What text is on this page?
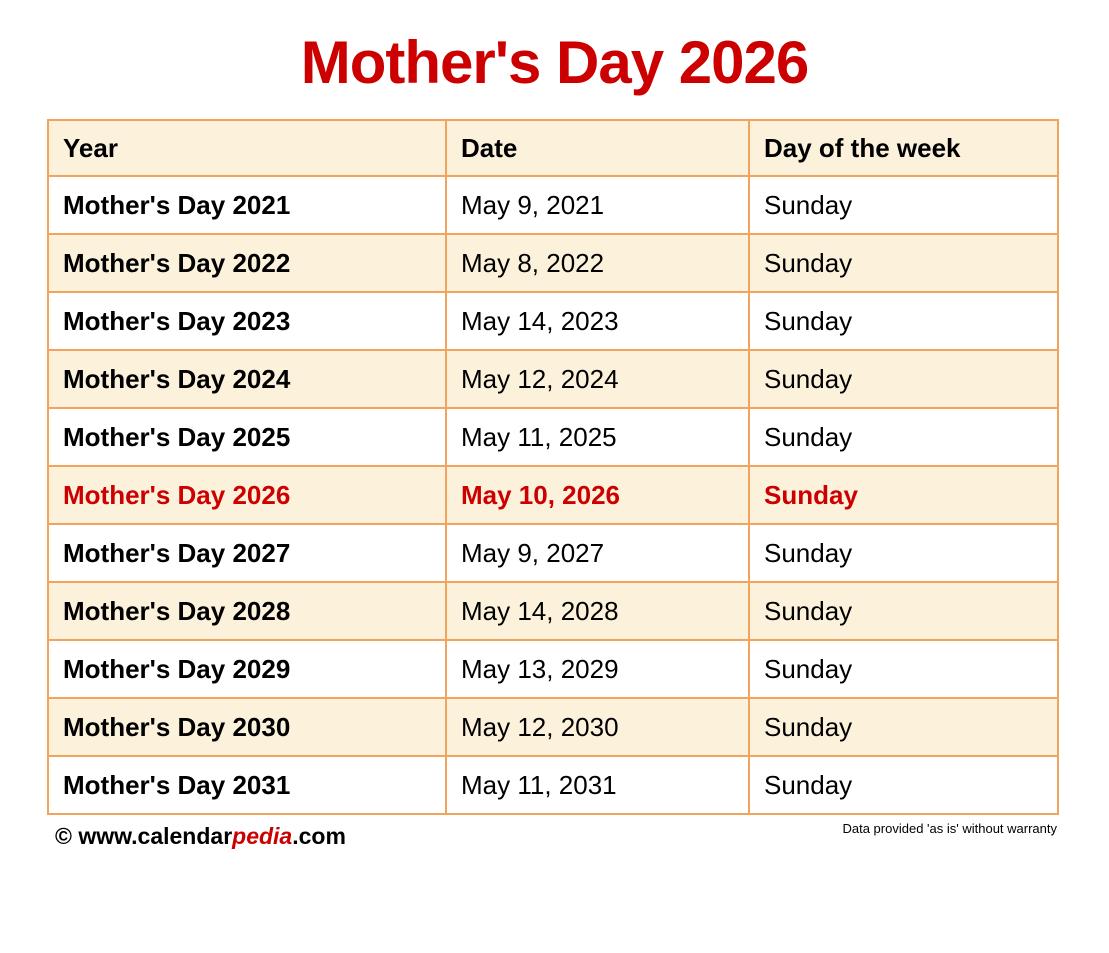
Mother's Day 2026
Year	Date	Day of the week
Mother's Day 2021	May 9, 2021	Sunday
Mother's Day 2022	May 8, 2022	Sunday
Mother's Day 2023	May 14, 2023	Sunday
Mother's Day 2024	May 12, 2024	Sunday
Mother's Day 2025	May 11, 2025	Sunday
Mother's Day 2026	May 10, 2026	Sunday
Mother's Day 2027	May 9, 2027	Sunday
Mother's Day 2028	May 14, 2028	Sunday
Mother's Day 2029	May 13, 2029	Sunday
Mother's Day 2030	May 12, 2030	Sunday
Mother's Day 2031	May 11, 2031	Sunday
© www.calendarpedia.com	Data provided 'as is' without warranty
